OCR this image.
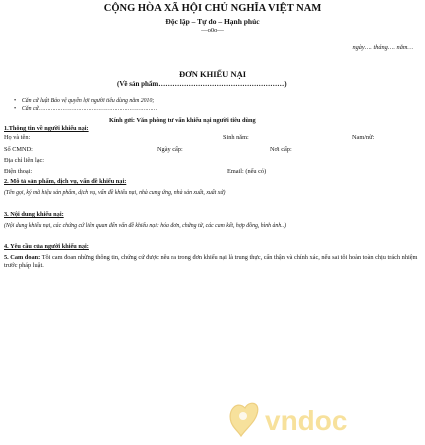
CỘNG HÒA XÃ HỘI CHỦ NGHĨA VIỆT NAM
Độc lập – Tự do – Hạnh phúc
—o0o—
ngày…. tháng…. năm…
ĐƠN KHIẾU NẠI
(Về sản phẩm………………………………………………)
•    Căn cứ luật Bảo vệ quyền lợi người tiêu dùng năm 2010;
•    Căn cứ……………………………………………………………
Kính gửi: Văn phòng tư vấn khiếu nại người tiêu dùng
1.Thông tin về người khiếu nại:
Họ và tên:	Sinh năm:	Nam/nữ:
Số CMND:	Ngày cấp:	Nơi cấp:
Địa chỉ liên lạc:
Điện thoại:	Email: (nếu có)
2. Mô tả sản phẩm, dịch vụ, vấn đề khiếu nại:
(Tên gọi, ký mã hiệu sản phẩm, dịch vụ, vấn đề khiếu nại, nhà cung ứng, nhà sản xuất, xuất xứ)
3. Nội dung khiếu nại:
(Nội dung khiếu nại, các chứng cứ liên quan đến vấn đề khiếu nại: hóa đơn, chứng từ, các cam kết, hợp đồng, hình ảnh..)
4. Yêu cầu của người khiếu nại:
5. Cam đoan: Tôi cam đoan những thông tin, chứng cứ được nêu ra trong đơn khiếu nại là trung thực, cẩn thận và chính xác, nếu sai tôi hoàn toàn chịu trách nhiệm trước pháp luật.
vndoc
